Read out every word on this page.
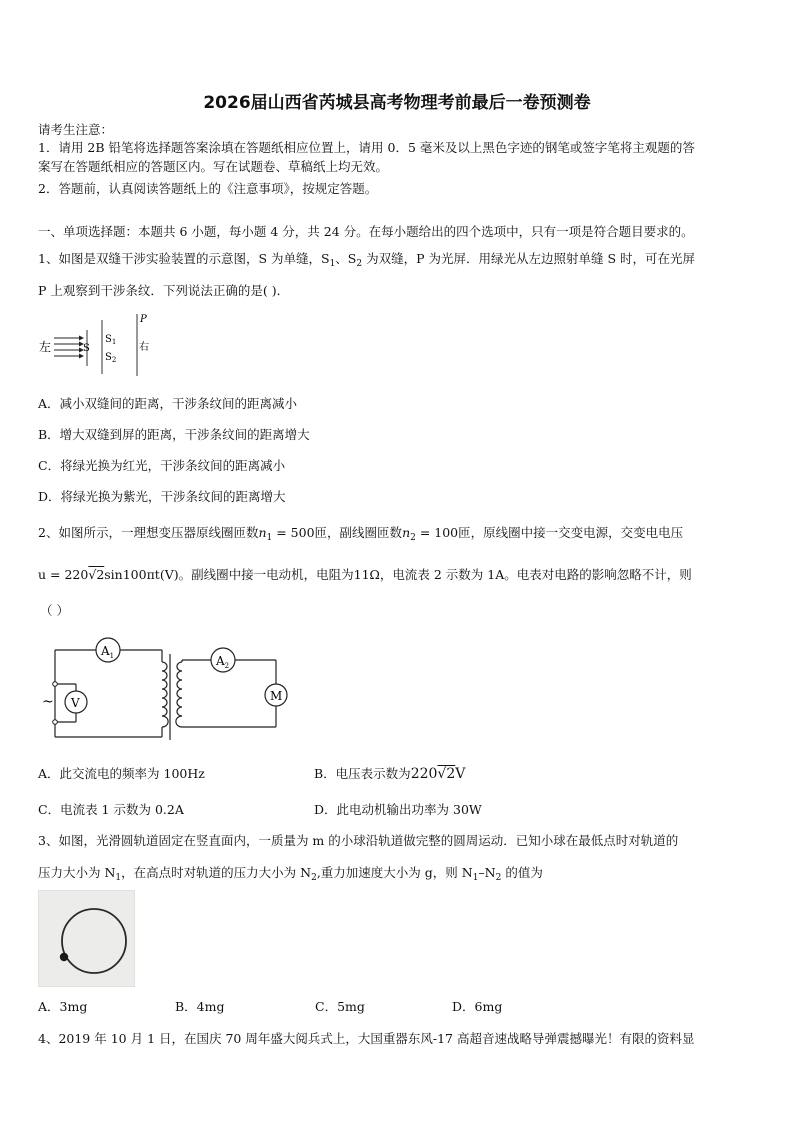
2026届山西省芮城县高考物理考前最后一卷预测卷
请考生注意：
1．请用 2B 铅笔将选择题答案涂填在答题纸相应位置上，请用 0．5 毫米及以上黑色字迹的钢笔或签字笔将主观题的答
案写在答题纸相应的答题区内。写在试题卷、草稿纸上均无效。
2．答题前，认真阅读答题纸上的《注意事项》，按规定答题。
一、单项选择题：本题共 6 小题，每小题 4 分，共 24 分。在每小题给出的四个选项中，只有一项是符合题目要求的。
1、如图是双缝干涉实验装置的示意图，S 为单缝，$S_1$、$S_2$ 为双缝，P 为光屏．用绿光从左边照射单缝 S 时，可在光屏
P 上观察到干涉条纹．下列说法正确的是( )．
左	S
$S_1$
$S_2$
P
右
A．减小双缝间的距离，干涉条纹间的距离减小
B．增大双缝到屏的距离，干涉条纹间的距离增大
C．将绿光换为红光，干涉条纹间的距离减小
D．将绿光换为紫光，干涉条纹间的距离增大
2、如图所示，一理想变压器原线圈匝数$n_1 = 500$匝，副线圈匝数$n_2 = 100$匝，原线圈中接一交变电源，交变电电压
u = 220√2sin100πt(V)。副线圈中接一电动机，电阻为11Ω，电流表 2 示数为 1A。电表对电路的影响忽略不计，则
（ ）
~
$A_1$	$A_2$
V	M
A．此交流电的频率为 100Hz	B．电压表示数为220√2V
C．电流表 1 示数为 0.2A	D．此电动机输出功率为 30W
3、如图，光滑圆轨道固定在竖直面内，一质量为 m 的小球沿轨道做完整的圆周运动．已知小球在最低点时对轨道的
压力大小为 $N_1$，在高点时对轨道的压力大小为 $N_2$,重力加速度大小为 g，则 $N_1-N_2$ 的值为
A．3mg	B．4mg	C．5mg	D．6mg
4、2019 年 10 月 1 日，在国庆 70 周年盛大阅兵式上，大国重器东风-17 高超音速战略导弹震撼曝光！有限的资料显
